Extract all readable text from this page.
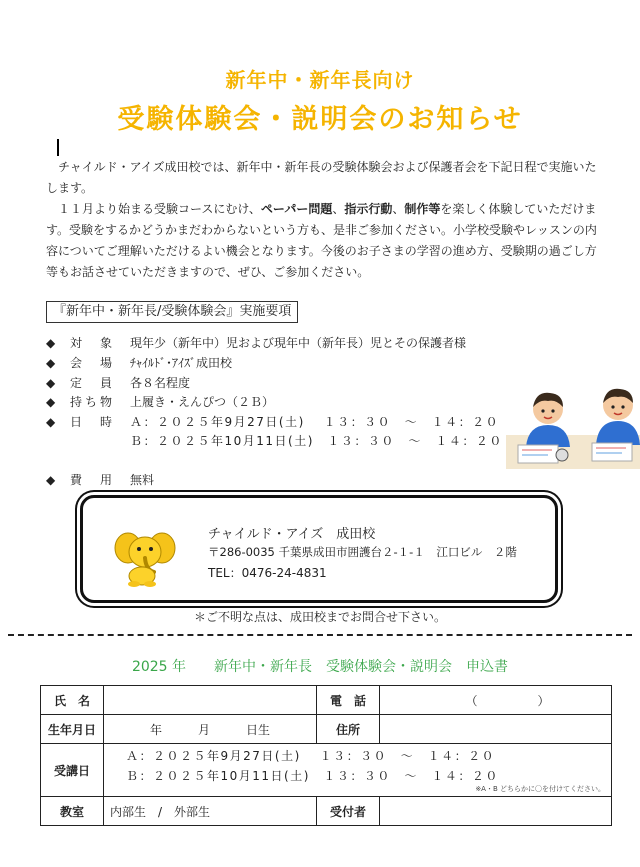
新年中・新年長向け
受験体験会・説明会のお知らせ
チャイルド・アイズ成田校では、新年中・新年長の受験体験会および保護者会を下記日程で実施いたします。
１１月より始まる受験コースにむけ、ペーパー問題、指示行動、制作等を楽しく体験していただけます。受験をするかどうかまだわからないという方も、是非ご参加ください。小学校受験やレッスンの内容についてご理解いただけるよい機会となります。今後のお子さまの学習の進め方、受験期の過ごし方等もお話させていただきますので、ぜひ、ご参加ください。
『新年中・新年長/受験体験会』実施要項
◆ 対　象 現年少（新年中）児および現年中（新年長）児とその保護者様
◆ 会　場 ﾁｬｲﾙﾄﾞ･ｱｲｽﾞ成田校
◆ 定　員 各８名程度
◆ 持ち物 上履き・えんぴつ（２Ｂ）
◆ 日　時 Ａ：２０２５年9月27日(土)　 １３：３０　～　１４：２０
Ｂ：２０２５年10月11日(土)　１３：３０　～　１４：２０
◆ 費　用 無料
チャイルド・アイズ　成田校
〒286-0035 千葉県成田市囲護台２-１-１　江口ビル　２階
TEL：0476-24-4831
＊ご不明な点は、成田校までお問合せ下さい。
2025 年　　新年中・新年長　受験体験会・説明会　申込書
氏　名		電　話	（　　　　　）
生年月日	年　　　月　　　日生	住所	
受講日	Ａ：２０２５年9月27日(土)　 １３：３０　～　１４：２０
Ｂ：２０２５年10月11日(土)　１３：３０　～　１４：２０
※A・B どちらかに〇を付けてください。		

教室	内部生　/　外部生	受付者	
